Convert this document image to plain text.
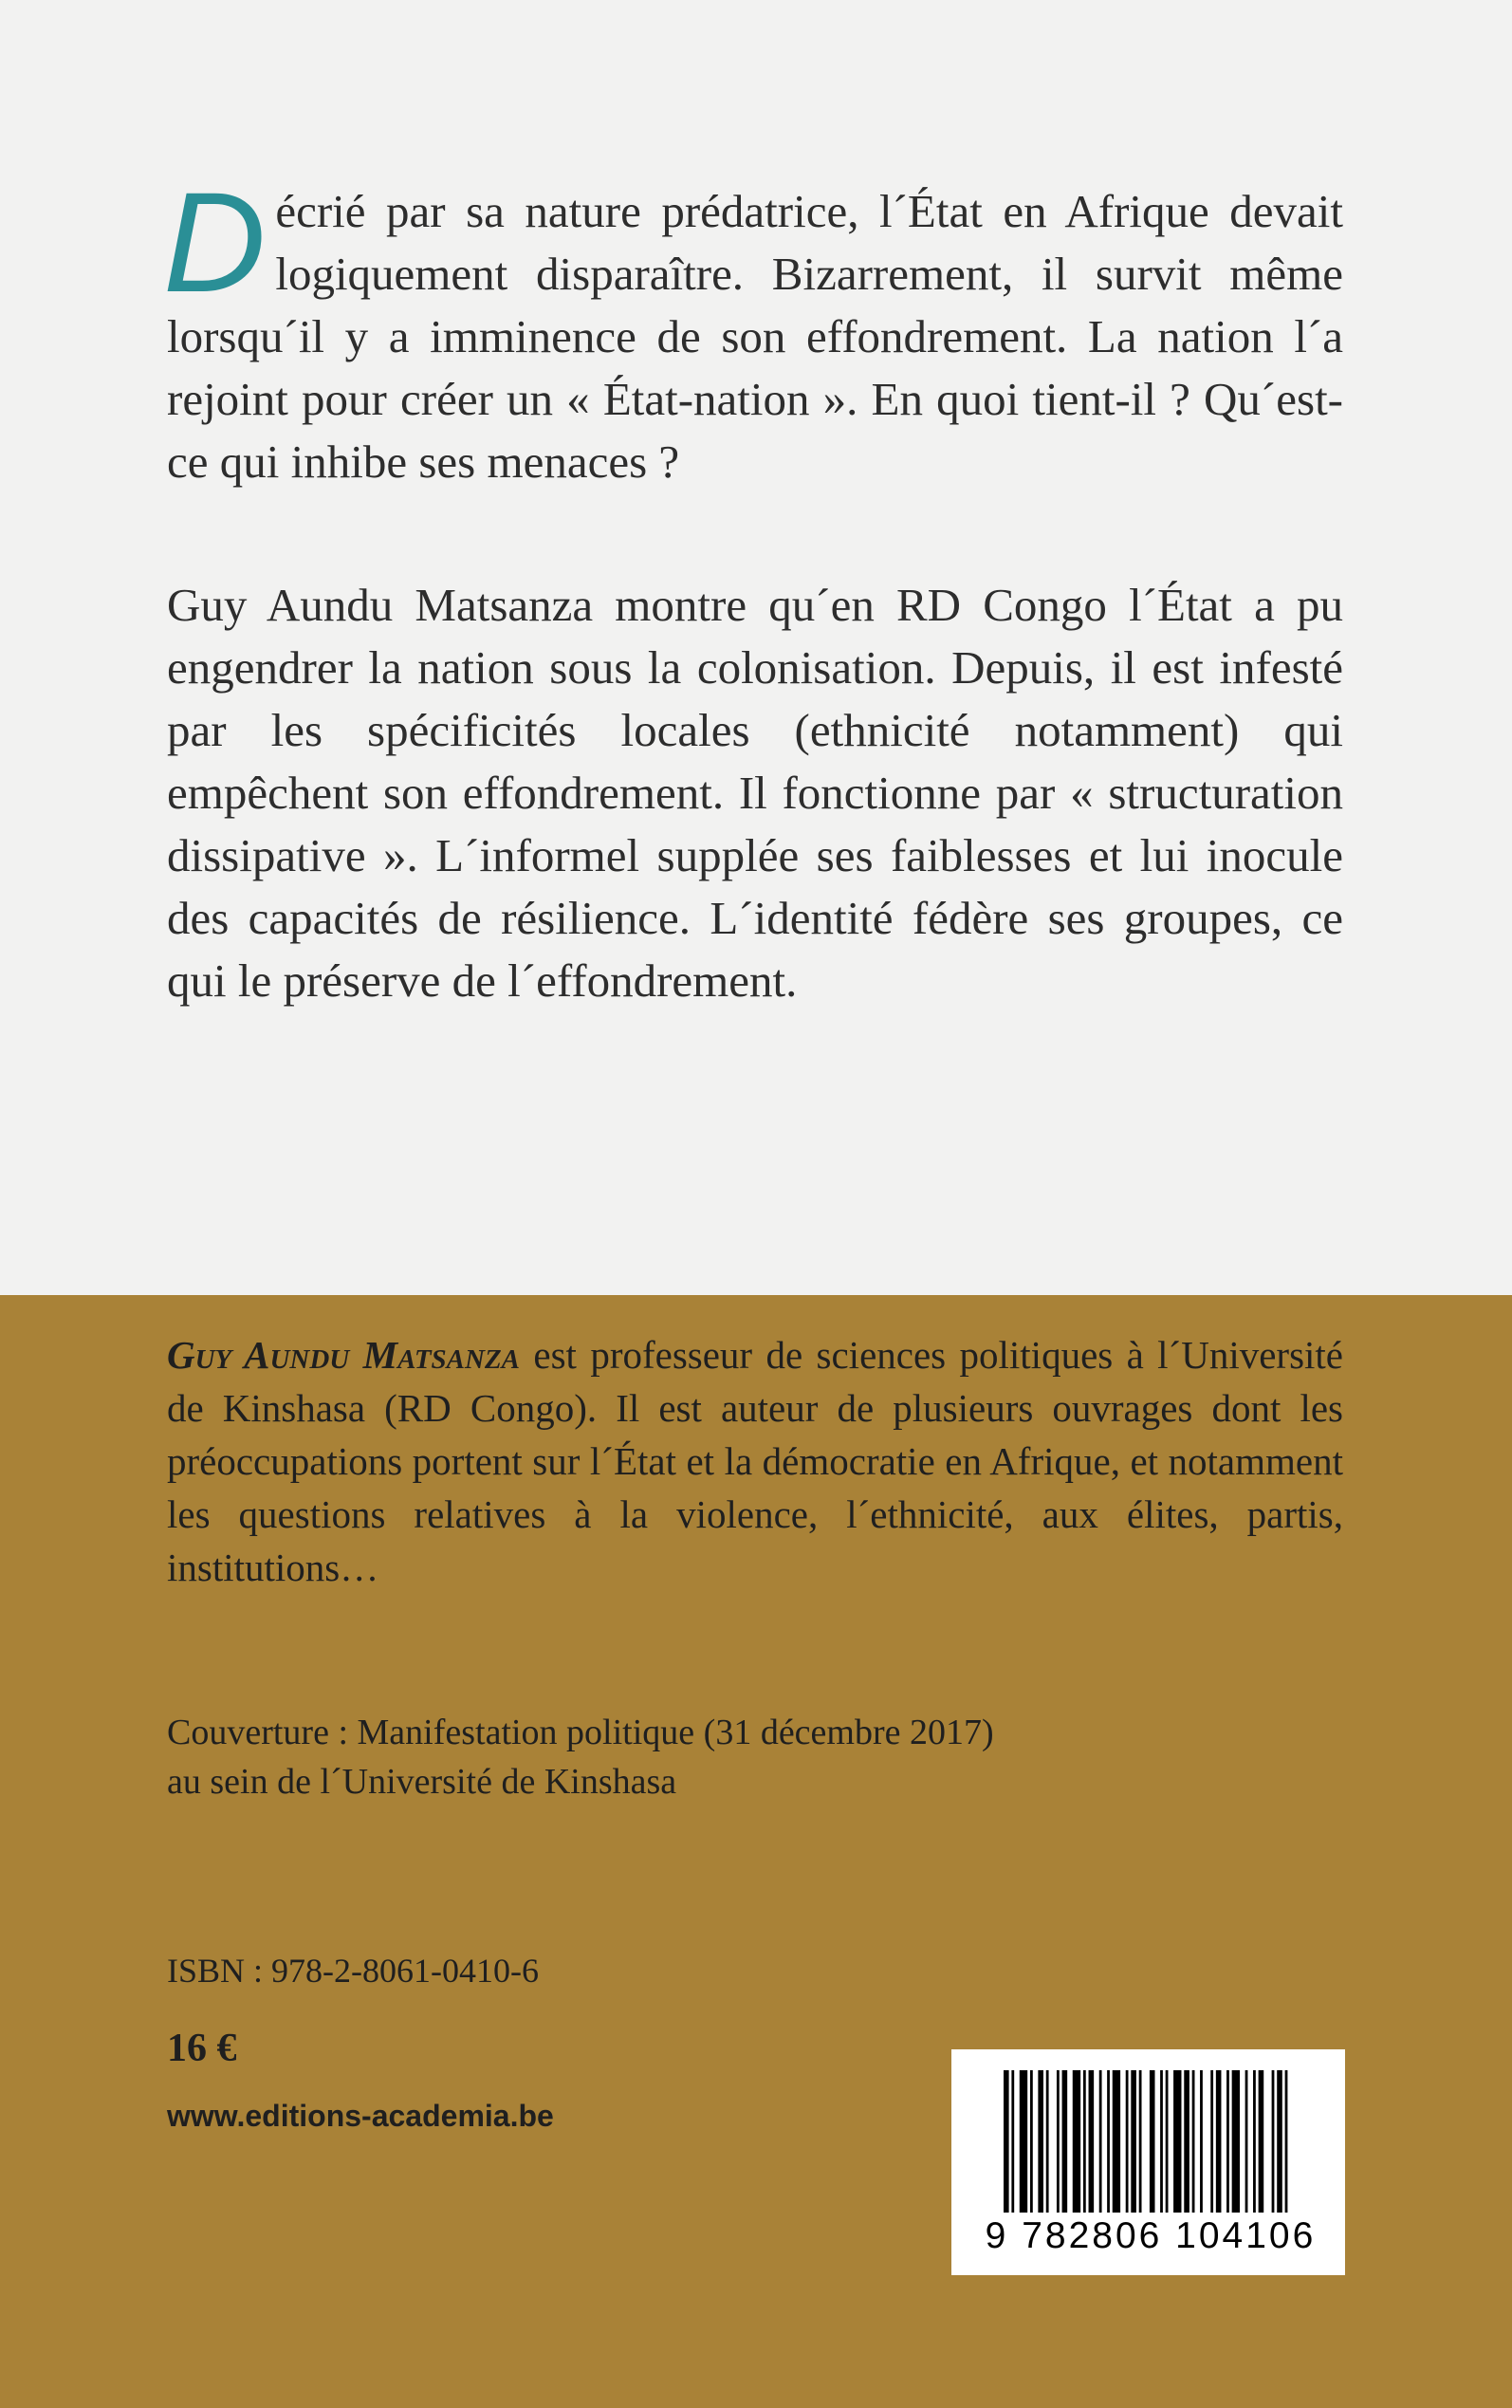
Décrié par sa nature prédatrice, l´État en Afrique devait logiquement disparaître. Bizarrement, il survit même lorsqu´il y a imminence de son effondrement. La nation l´a rejoint pour créer un « État-nation ». En quoi tient-il ? Qu´est-ce qui inhibe ses menaces ?

Guy Aundu Matsanza montre qu´en RD Congo l´État a pu engendrer la nation sous la colonisation. Depuis, il est infesté par les spécificités locales (ethnicité notamment) qui empêchent son effondrement. Il fonctionne par « structuration dissipative ». L´informel supplée ses faiblesses et lui inocule des capacités de résilience. L´identité fédère ses groupes, ce qui le préserve de l´effondrement.

Guy Aundu Matsanza est professeur de sciences politiques à l´Université de Kinshasa (RD Congo). Il est auteur de plusieurs ouvrages dont les préoccupations portent sur l´État et la démocratie en Afrique, et notamment les questions relatives à la violence, l´ethnicité, aux élites, partis, institutions…

Couverture : Manifestation politique (31 décembre 2017)
au sein de l´Université de Kinshasa

ISBN : 978-2-8061-0410-6
16 €
www.editions-academia.be
9 782806 104106
